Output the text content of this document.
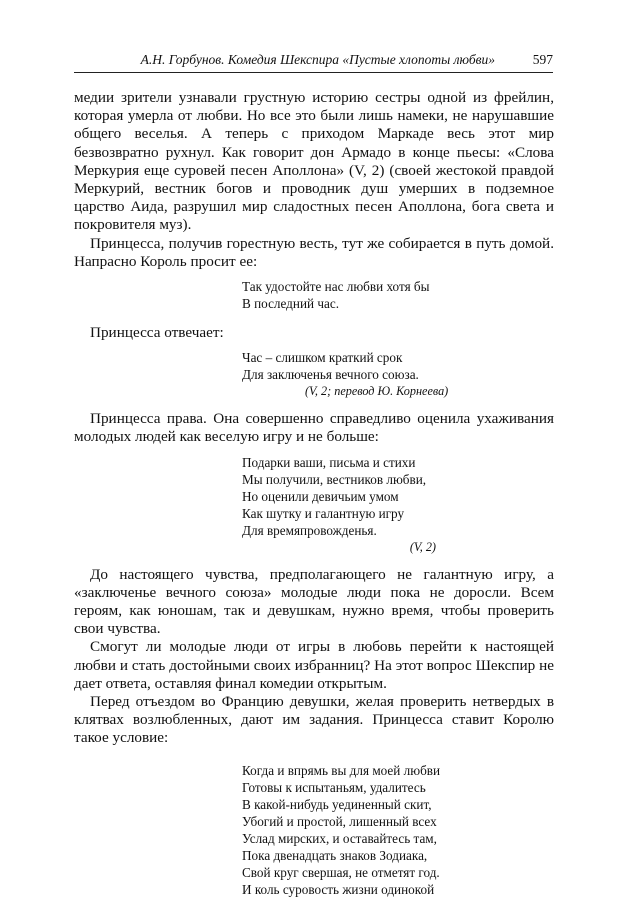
А.Н. Горбунов. Комедия Шекспира «Пустые хлопоты любви»	597

медии зрители узнавали грустную историю сестры одной из фрейлин, которая умерла от любви. Но все это были лишь намеки, не нарушавшие общего веселья. А теперь с приходом Маркаде весь этот мир безвозвратно рухнул. Как говорит дон Армадо в конце пьесы: «Слова Меркурия еще суровей песен Аполлона» (V, 2) (своей жестокой правдой Меркурий, вестник богов и проводник душ умерших в подземное царство Аида, разрушил мир сладостных песен Аполлона, бога света и покровителя муз).

Принцесса, получив горестную весть, тут же собирается в путь домой. Напрасно Король просит ее:

Так удостойте нас любви хотя бы
В последний час.

Принцесса отвечает:

Час – слишком краткий срок
Для заключенья вечного союза.
(V, 2; перевод Ю. Корнеева)

Принцесса права. Она совершенно справедливо оценила ухаживания молодых людей как веселую игру и не больше:

Подарки ваши, письма и стихи
Мы получили, вестников любви,
Но оценили девичьим умом
Как шутку и галантную игру
Для времяпровожденья.
(V, 2)

До настоящего чувства, предполагающего не галантную игру, а «заключенье вечного союза» молодые люди пока не доросли. Всем героям, как юношам, так и девушкам, нужно время, чтобы проверить свои чувства.

Смогут ли молодые люди от игры в любовь перейти к настоящей любви и стать достойными своих избранниц? На этот вопрос Шекспир не дает ответа, оставляя финал комедии открытым.

Перед отъездом во Францию девушки, желая проверить нетвердых в клятвах возлюбленных, дают им задания. Принцесса ставит Королю такое условие:

Когда и впрямь вы для моей любви
Готовы к испытаньям, удалитесь
В какой-нибудь уединенный скит,
Убогий и простой, лишенный всех
Услад мирских, и оставайтесь там,
Пока двенадцать знаков Зодиака,
Свой круг свершая, не отметят год.
И коль суровость жизни одинокой
